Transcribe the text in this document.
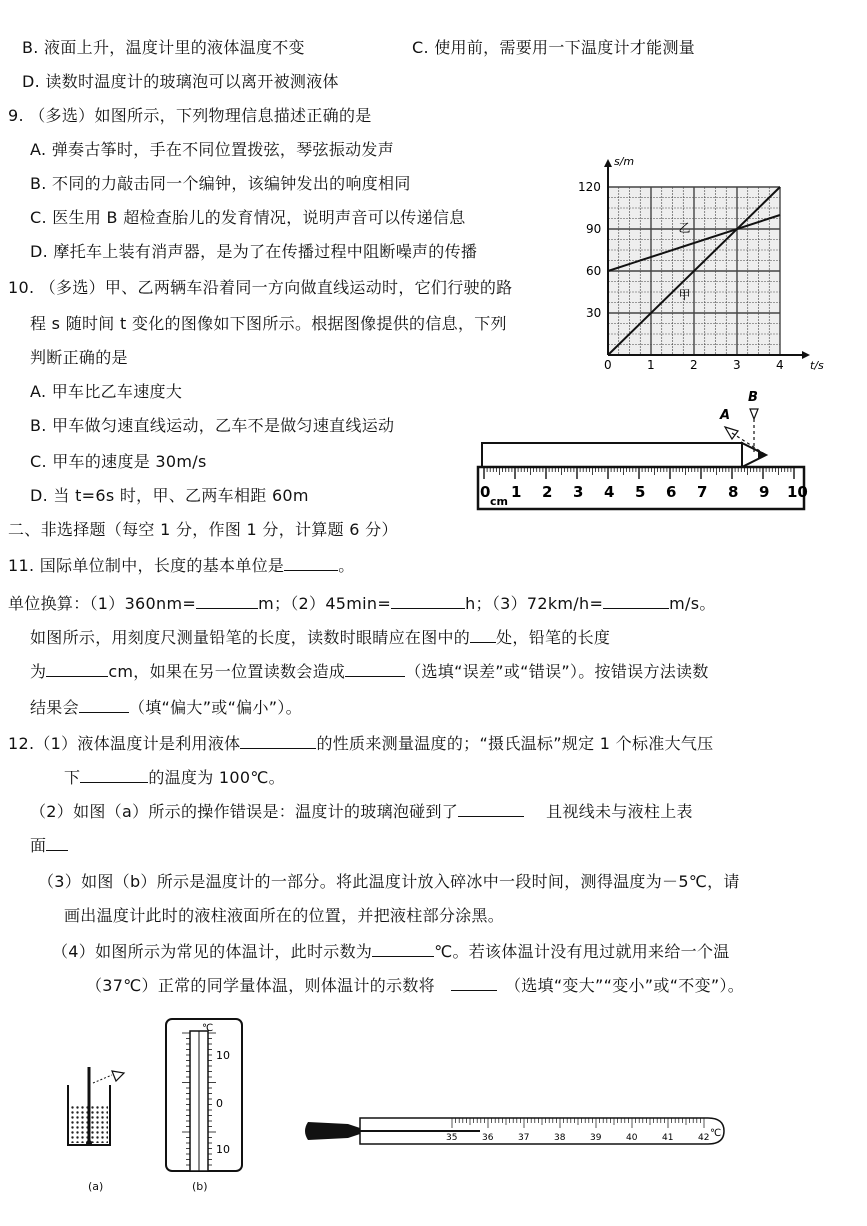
B. 液面上升，温度计里的液体温度不变	C. 使用前，需要用一下温度计才能测量
D. 读数时温度计的玻璃泡可以离开被测液体
9. （多选）如图所示，下列物理信息描述正确的是
A. 弹奏古筝时，手在不同位置拨弦，琴弦振动发声
B. 不同的力敲击同一个编钟，该编钟发出的响度相同
C. 医生用 B 超检查胎儿的发育情况，说明声音可以传递信息
D. 摩托车上装有消声器，是为了在传播过程中阻断噪声的传播
10. （多选）甲、乙两辆车沿着同一方向做直线运动时，它们行驶的路
程 s 随时间 t 变化的图像如下图所示。根据图像提供的信息，下列
判断正确的是
A. 甲车比乙车速度大
B. 甲车做匀速直线运动，乙车不是做匀速直线运动
C. 甲车的速度是 30m/s
D. 当 t=6s 时，甲、乙两车相距 60m
甲
乙
0	1	2	3	4
30
60
90
120
t/s
s/m
A
B
0 1 2 3 4 5 6 7 8 9 10
cm
二、非选择题（每空 1 分，作图 1 分，计算题 6 分）
11. 国际单位制中，长度的基本单位是	。
单位换算：（1）360nm=	m；（2）45min=	h；（3）72km/h=	m/s。
如图所示，用刻度尺测量铅笔的长度，读数时眼睛应在图中的 处，铅笔的长度
为	cm，如果在另一位置读数会造成	（选填“误差”或“错误”）。按错误方法读数
结果会	（填“偏大”或“偏小”）。
12.（1）液体温度计是利用液体	的性质来测量温度的；“摄氏温标”规定 1 个标准大气压
下	的温度为 100℃。
（2）如图（a）所示的操作错误是：温度计的玻璃泡碰到了	且视线未与液柱上表
面
（3）如图（b）所示是温度计的一部分。将此温度计放入碎冰中一段时间，测得温度为－5℃，请
画出温度计此时的液柱液面所在的位置，并把液柱部分涂黑。
（4）如图所示为常见的体温计，此时示数为	℃。若该体温计没有甩过就用来给一个温
（37℃）正常的同学量体温，则体温计的示数将	（选填“变大”“变小”或“不变”）。
(a)
10
0
10
℃
(b)
35	36	37	38	39	40	41	42 ℃
